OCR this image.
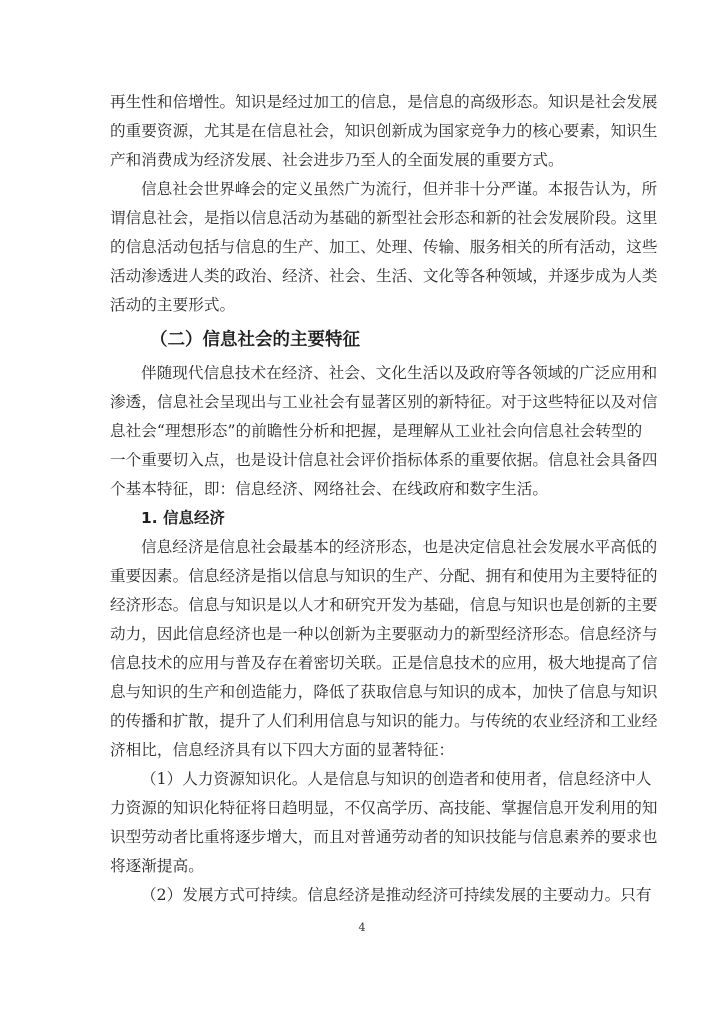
再生性和倍增性。知识是经过加工的信息，是信息的高级形态。知识是社会发展
的重要资源，尤其是在信息社会，知识创新成为国家竞争力的核心要素，知识生
产和消费成为经济发展、社会进步乃至人的全面发展的重要方式。
信息社会世界峰会的定义虽然广为流行，但并非十分严谨。本报告认为，所
谓信息社会，是指以信息活动为基础的新型社会形态和新的社会发展阶段。这里
的信息活动包括与信息的生产、加工、处理、传输、服务相关的所有活动，这些
活动渗透进人类的政治、经济、社会、生活、文化等各种领域，并逐步成为人类
活动的主要形式。
（二）信息社会的主要特征
伴随现代信息技术在经济、社会、文化生活以及政府等各领域的广泛应用和
渗透，信息社会呈现出与工业社会有显著区别的新特征。对于这些特征以及对信
息社会“理想形态”的前瞻性分析和把握，是理解从工业社会向信息社会转型的
一个重要切入点，也是设计信息社会评价指标体系的重要依据。信息社会具备四
个基本特征，即：信息经济、网络社会、在线政府和数字生活。
1. 信息经济
信息经济是信息社会最基本的经济形态，也是决定信息社会发展水平高低的
重要因素。信息经济是指以信息与知识的生产、分配、拥有和使用为主要特征的
经济形态。信息与知识是以人才和研究开发为基础，信息与知识也是创新的主要
动力，因此信息经济也是一种以创新为主要驱动力的新型经济形态。信息经济与
信息技术的应用与普及存在着密切关联。正是信息技术的应用，极大地提高了信
息与知识的生产和创造能力，降低了获取信息与知识的成本，加快了信息与知识
的传播和扩散，提升了人们利用信息与知识的能力。与传统的农业经济和工业经
济相比，信息经济具有以下四大方面的显著特征：
（1）人力资源知识化。人是信息与知识的创造者和使用者，信息经济中人
力资源的知识化特征将日趋明显，不仅高学历、高技能、掌握信息开发利用的知
识型劳动者比重将逐步增大，而且对普通劳动者的知识技能与信息素养的要求也
将逐渐提高。
（2）发展方式可持续。信息经济是推动经济可持续发展的主要动力。只有
4
